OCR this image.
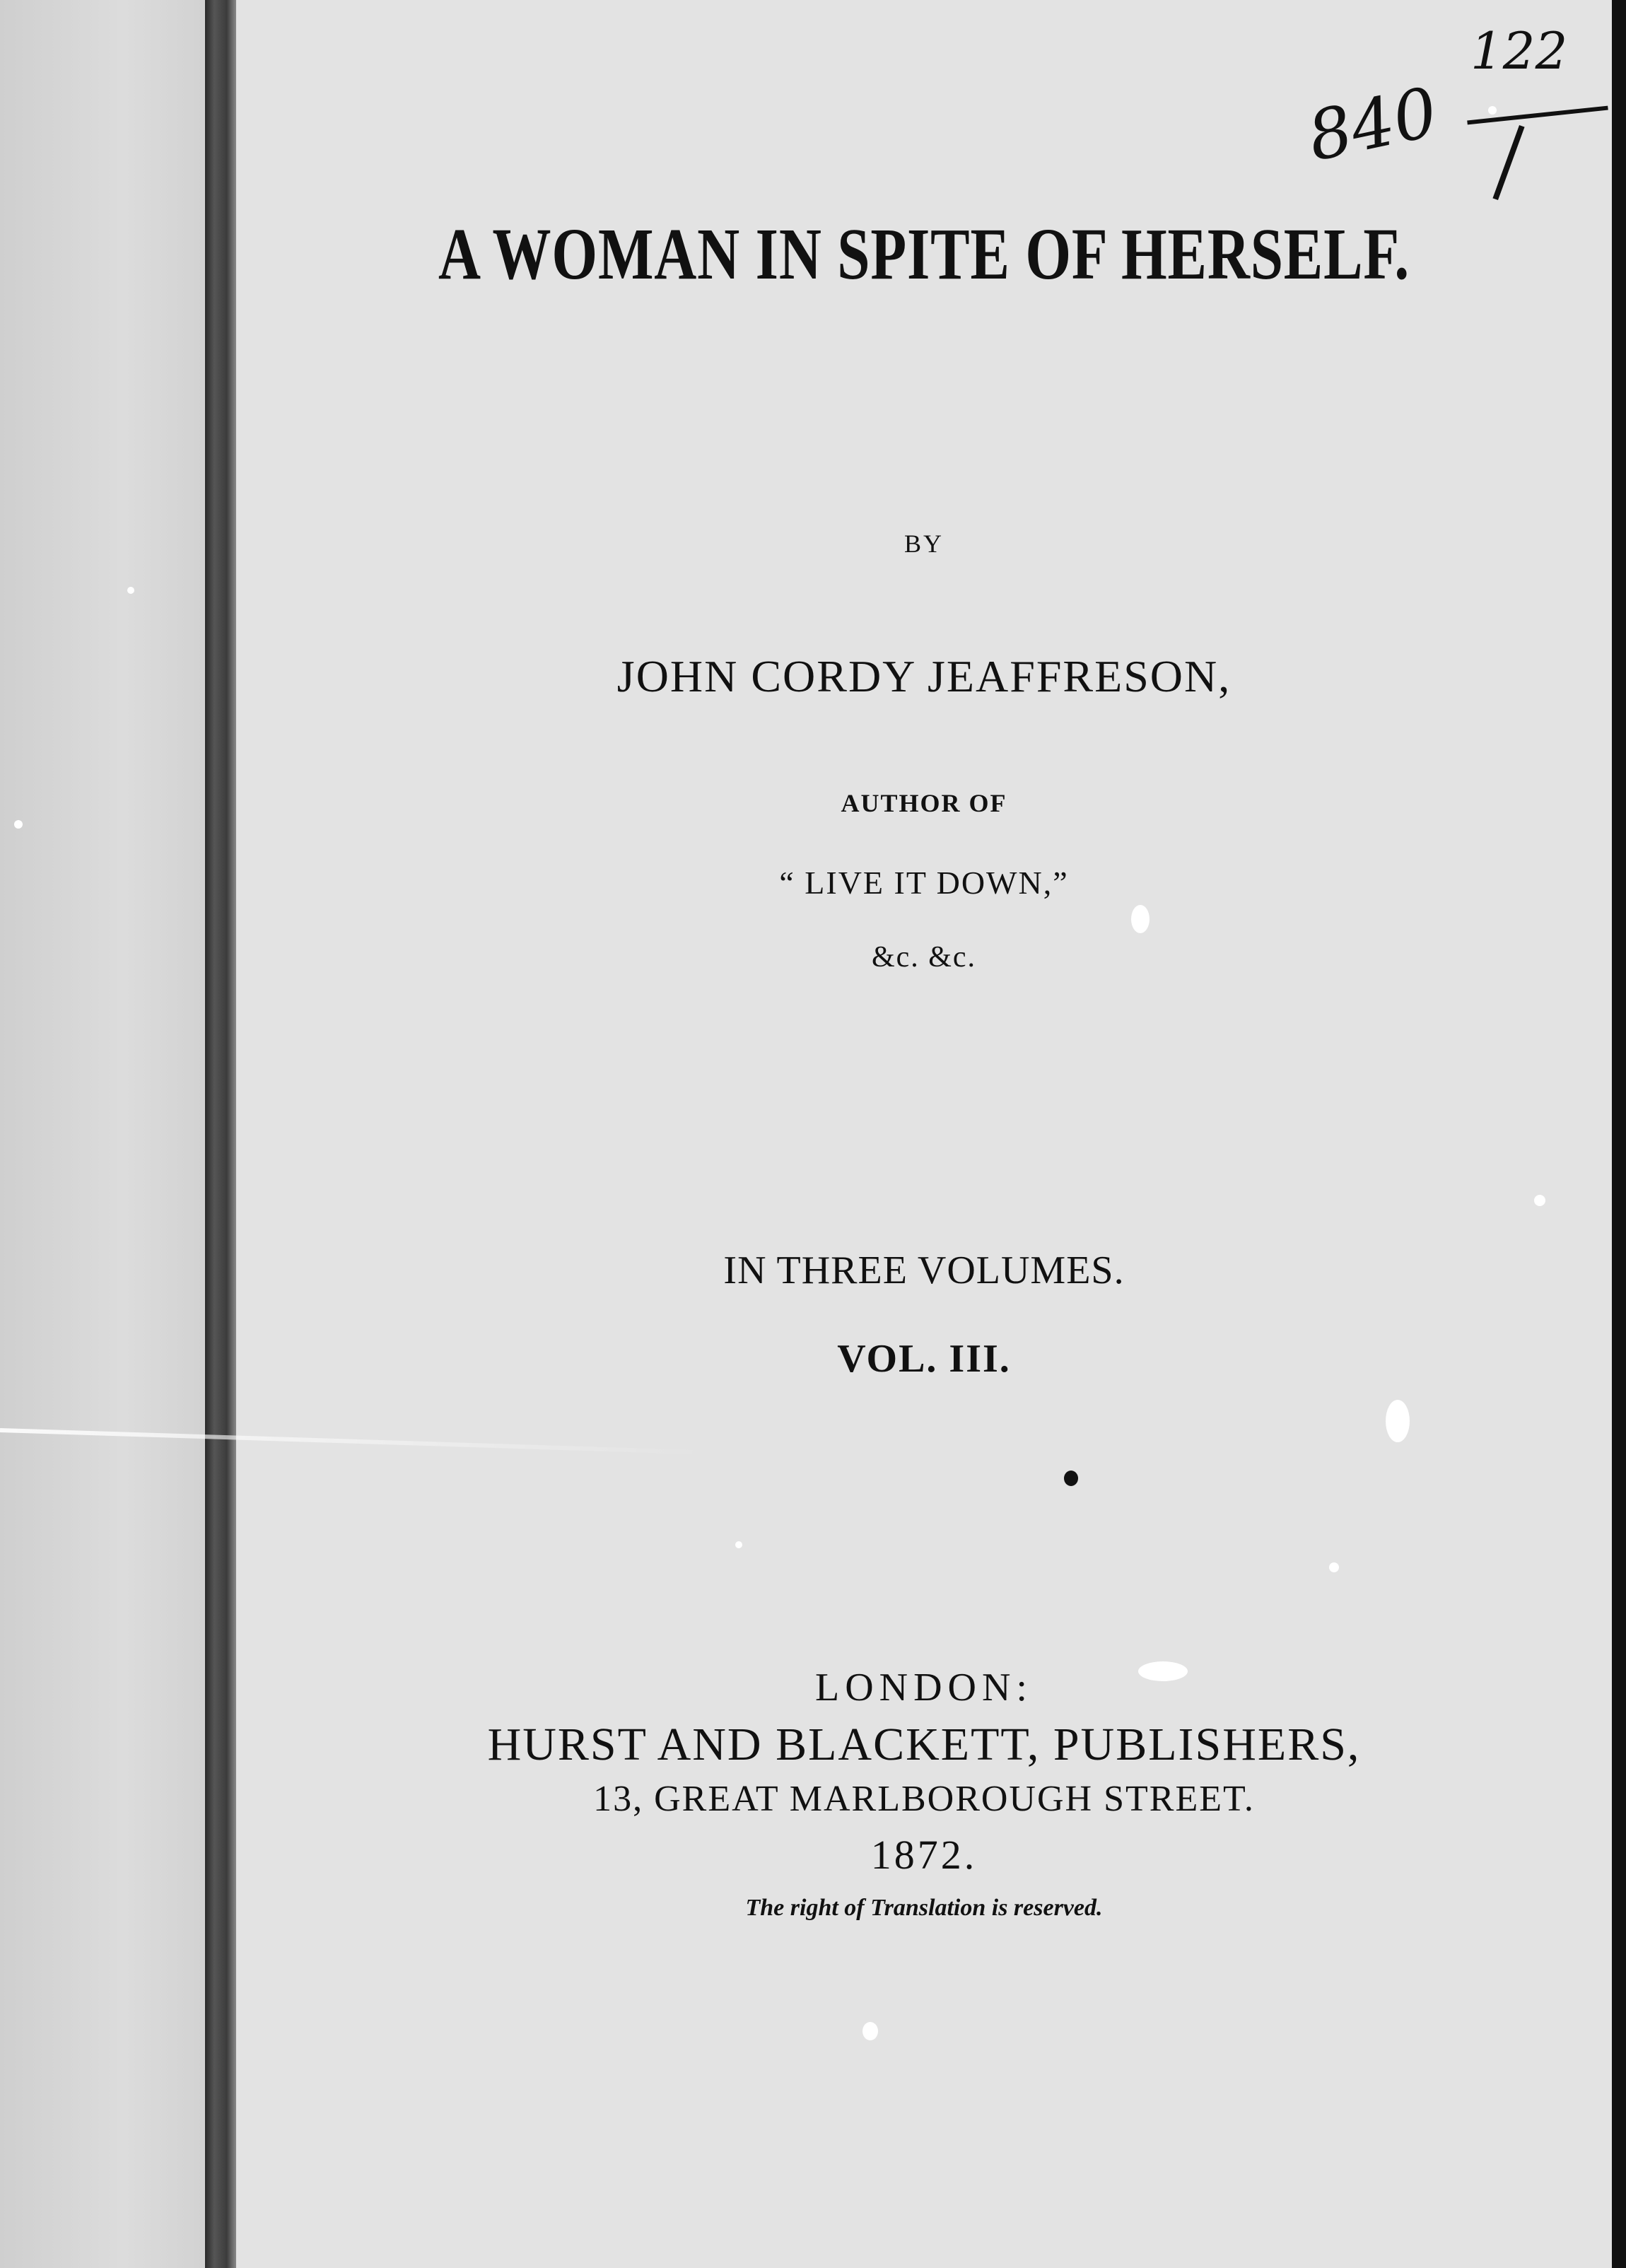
840
122
A WOMAN IN SPITE OF HERSELF.
BY
JOHN CORDY JEAFFRESON,
AUTHOR OF
“ LIVE IT DOWN,”
&c. &c.
IN THREE VOLUMES.
VOL. III.
LONDON:
HURST AND BLACKETT, PUBLISHERS,
13, GREAT MARLBOROUGH STREET.
1872.
The right of Translation is reserved.
